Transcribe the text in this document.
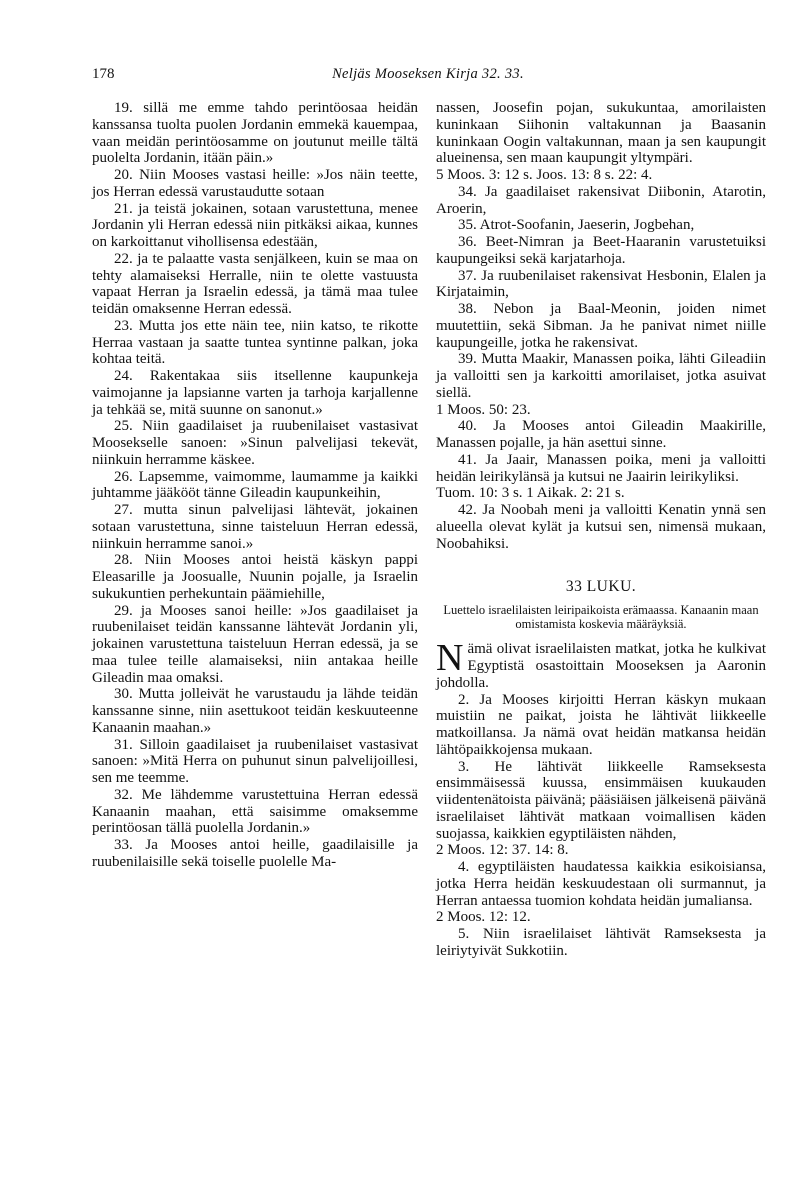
178	Neljäs Mooseksen Kirja 32. 33.

19. sillä me emme tahdo perintöosaa heidän kanssansa tuolta puolen Jordanin emmekä kauempaa, vaan meidän perintöosamme on joutunut meille tältä puolelta Jordanin, itään päin.»

20. Niin Mooses vastasi heille: »Jos näin teette, jos Herran edessä varustaudutte sotaan

21. ja teistä jokainen, sotaan varustettuna, menee Jordanin yli Herran edessä niin pitkäksi aikaa, kunnes on karkoittanut vihollisensa edestään,

22. ja te palaatte vasta senjälkeen, kuin se maa on tehty alamaiseksi Herralle, niin te olette vastuusta vapaat Herran ja Israelin edessä, ja tämä maa tulee teidän omaksenne Herran edessä.

23. Mutta jos ette näin tee, niin katso, te rikotte Herraa vastaan ja saatte tuntea syntinne palkan, joka kohtaa teitä.

24. Rakentakaa siis itsellenne kaupunkeja vaimojanne ja lapsianne varten ja tarhoja karjallenne ja tehkää se, mitä suunne on sanonut.»

25. Niin gaadilaiset ja ruubenilaiset vastasivat Moosekselle sanoen: »Sinun palvelijasi tekevät, niinkuin herramme käskee.

26. Lapsemme, vaimomme, laumamme ja kaikki juhtamme jääkööt tänne Gileadin kaupunkeihin,

27. mutta sinun palvelijasi lähtevät, jokainen sotaan varustettuna, sinne taisteluun Herran edessä, niinkuin herramme sanoi.»

28. Niin Mooses antoi heistä käskyn pappi Eleasarille ja Joosualle, Nuunin pojalle, ja Israelin sukukuntien perhekuntain päämiehille,

29. ja Mooses sanoi heille: »Jos gaadilaiset ja ruubenilaiset teidän kanssanne lähtevät Jordanin yli, jokainen varustettuna taisteluun Herran edessä, ja se maa tulee teille alamaiseksi, niin antakaa heille Gileadin maa omaksi.

30. Mutta jolleivät he varustaudu ja lähde teidän kanssanne sinne, niin asettukoot teidän keskuuteenne Kanaanin maahan.»

31. Silloin gaadilaiset ja ruubenilaiset vastasivat sanoen: »Mitä Herra on puhunut sinun palvelijoillesi, sen me teemme.

32. Me lähdemme varustettuina Herran edessä Kanaanin maahan, että saisimme omaksemme perintöosan tällä puolella Jordanin.»

33. Ja Mooses antoi heille, gaadilaisille ja ruubenilaisille sekä toiselle puolelle Ma-

nassen, Joosefin pojan, sukukuntaa, amorilaisten kuninkaan Siihonin valtakunnan ja Baasanin kuninkaan Oogin valtakunnan, maan ja sen kaupungit alueinensa, sen maan kaupungit yltympäri.

5 Moos. 3: 12 s. Joos. 13: 8 s. 22: 4.

34. Ja gaadilaiset rakensivat Diibonin, Atarotin, Aroerin,

35. Atrot-Soofanin, Jaeserin, Jogbehan,

36. Beet-Nimran ja Beet-Haaranin varustetuiksi kaupungeiksi sekä karjatarhoja.

37. Ja ruubenilaiset rakensivat Hesbonin, Elalen ja Kirjataimin,

38. Nebon ja Baal-Meonin, joiden nimet muutettiin, sekä Sibman. Ja he panivat nimet niille kaupungeille, jotka he rakensivat.

39. Mutta Maakir, Manassen poika, lähti Gileadiin ja valloitti sen ja karkoitti amorilaiset, jotka asuivat siellä.

1 Moos. 50: 23.

40. Ja Mooses antoi Gileadin Maakirille, Manassen pojalle, ja hän asettui sinne.

41. Ja Jaair, Manassen poika, meni ja valloitti heidän leirikylänsä ja kutsui ne Jaairin leirikyliksi.

Tuom. 10: 3 s. 1 Aikak. 2: 21 s.

42. Ja Noobah meni ja valloitti Kenatin ynnä sen alueella olevat kylät ja kutsui sen, nimensä mukaan, Noobahiksi.

33 LUKU.
Luettelo israelilaisten leiripaikoista erämaassa. Kanaanin maan omistamista koskevia määräyksiä.

Nämä olivat israelilaisten matkat, jotka he kulkivat Egyptistä osastoittain Mooseksen ja Aaronin johdolla.

2. Ja Mooses kirjoitti Herran käskyn mukaan muistiin ne paikat, joista he lähtivät liikkeelle matkoillansa. Ja nämä ovat heidän matkansa heidän lähtöpaikkojensa mukaan.

3. He lähtivät liikkeelle Ramseksesta ensimmäisessä kuussa, ensimmäisen kuukauden viidentenätoista päivänä; pääsiäisen jälkeisenä päivänä israelilaiset lähtivät matkaan voimallisen käden suojassa, kaikkien egyptiläisten nähden,

2 Moos. 12: 37. 14: 8.

4. egyptiläisten haudatessa kaikkia esikoisiansa, jotka Herra heidän keskuudestaan oli surmannut, ja Herran antaessa tuomion kohdata heidän jumaliansa.

2 Moos. 12: 12.

5. Niin israelilaiset lähtivät Ramseksesta ja leiriytyivät Sukkotiin.
